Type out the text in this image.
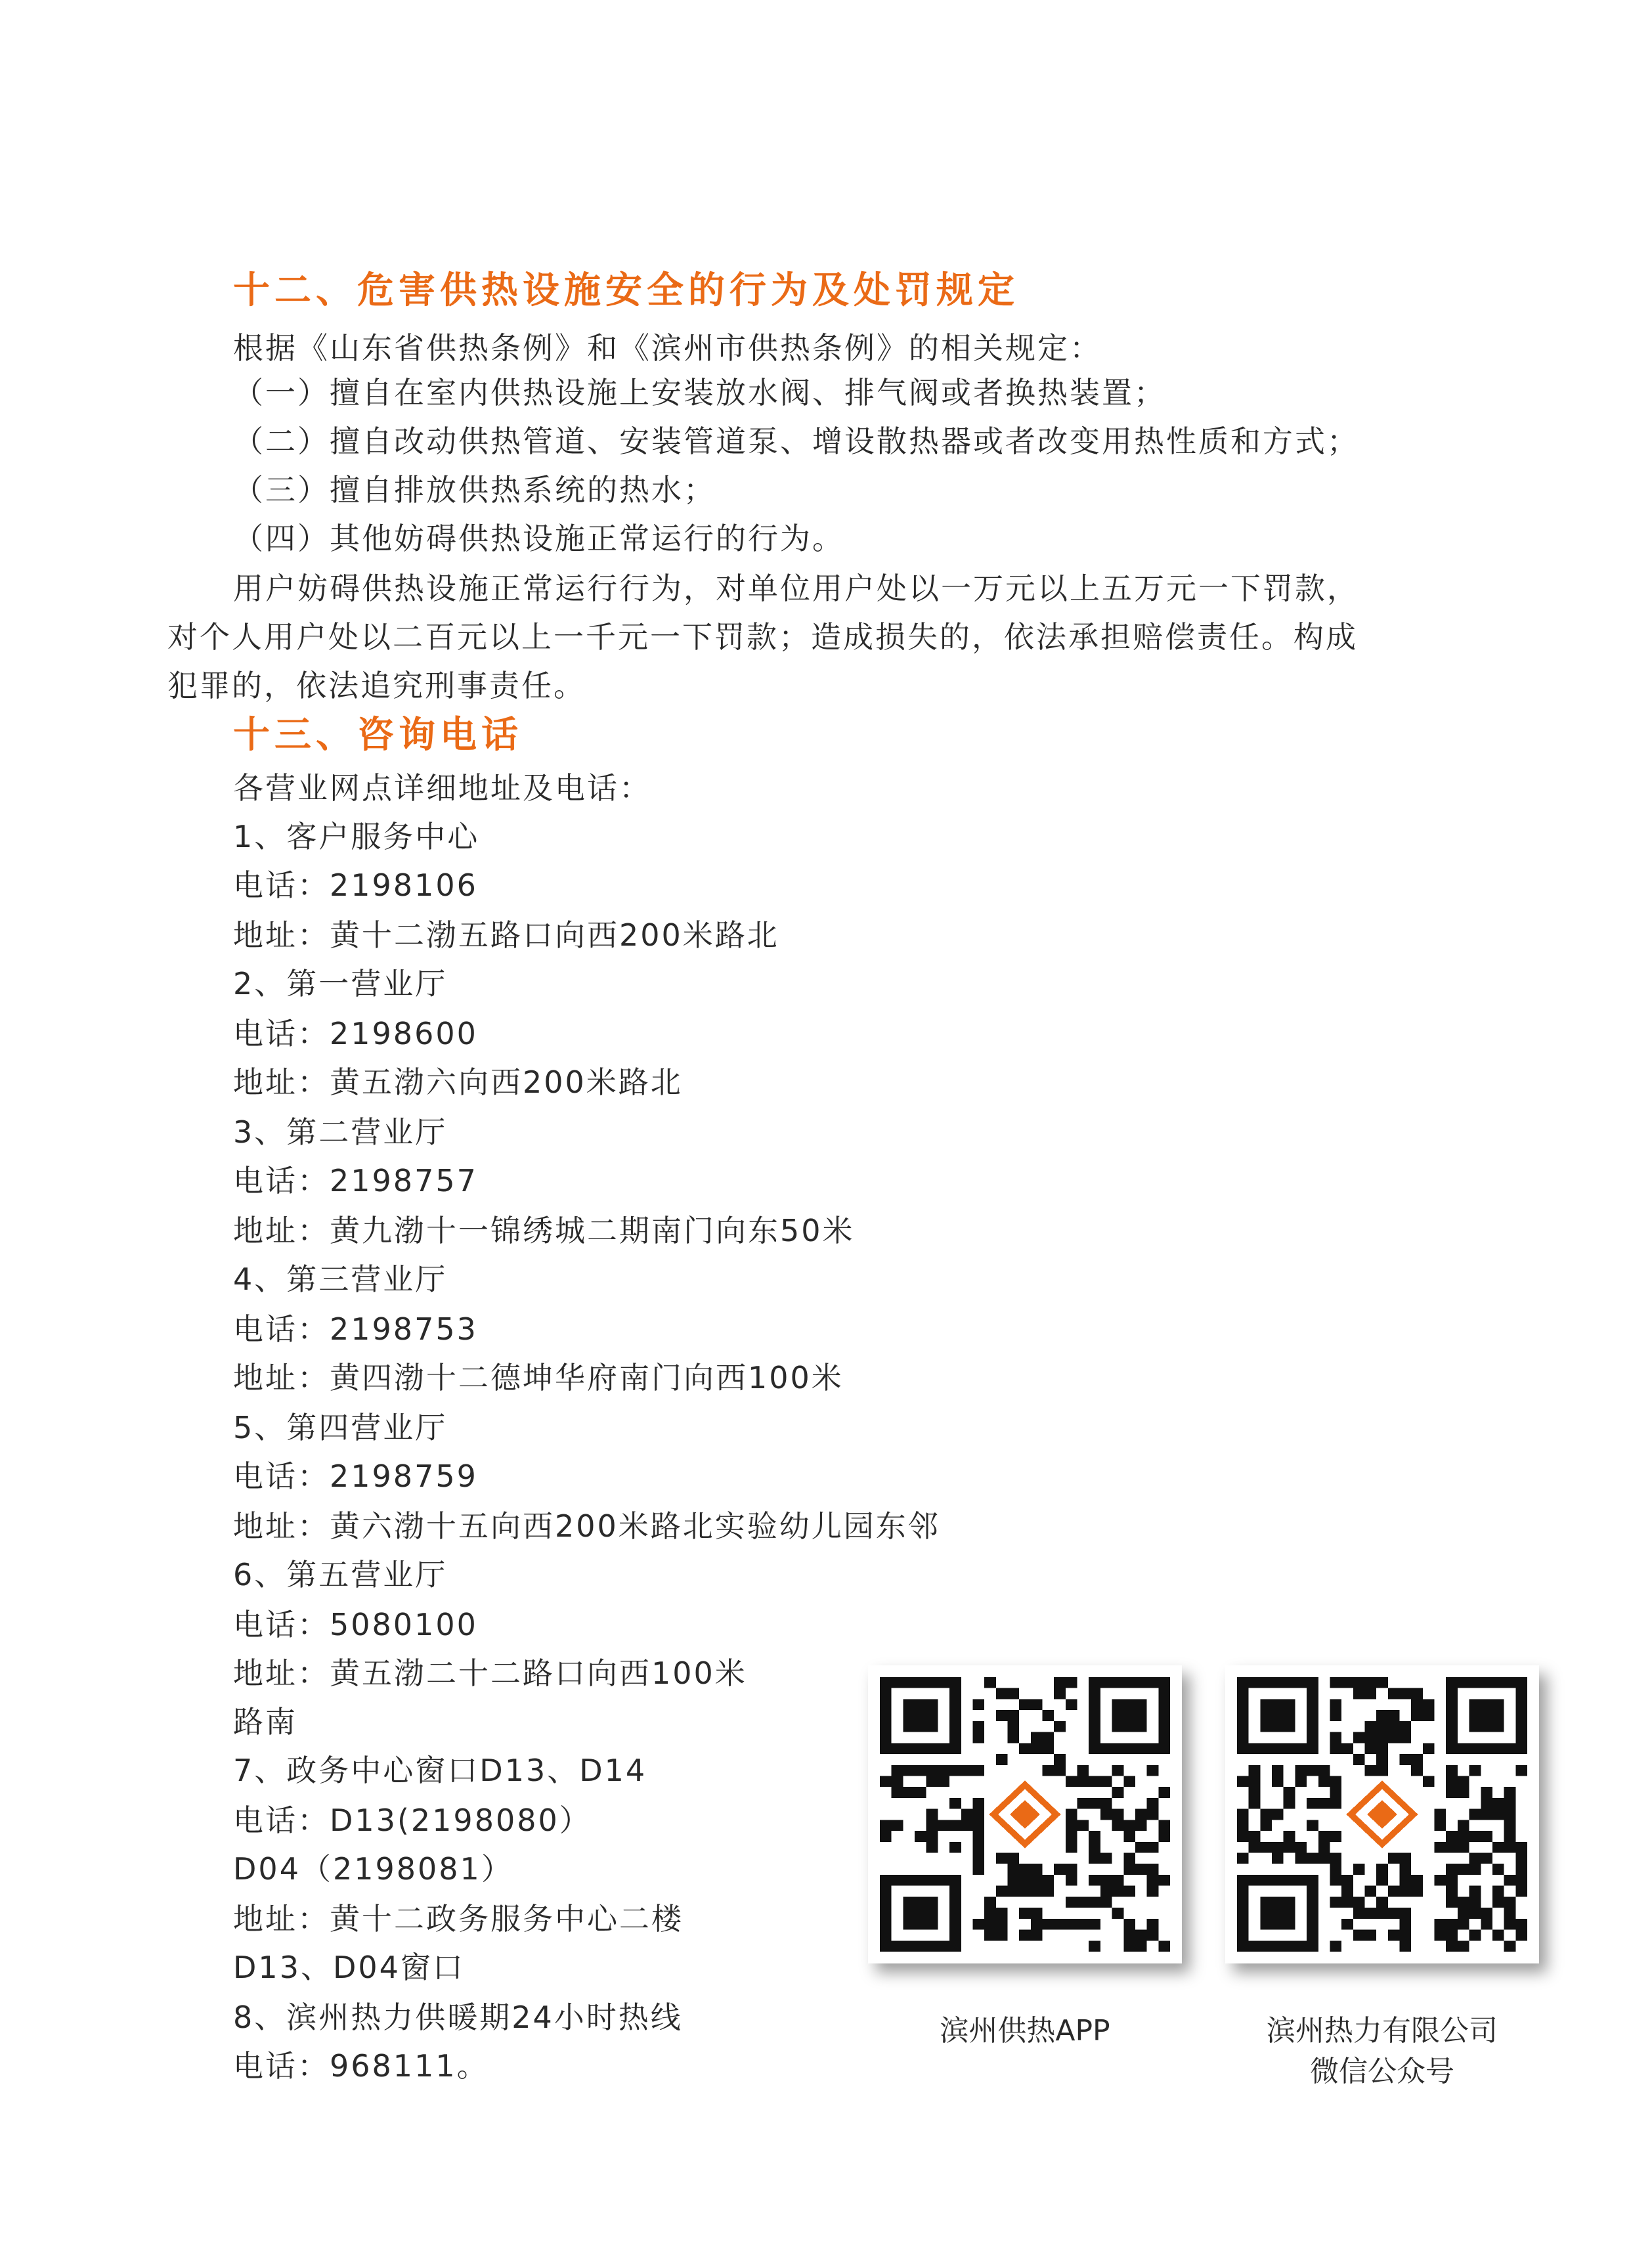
十二、危害供热设施安全的行为及处罚规定
根据《山东省供热条例》和《滨州市供热条例》的相关规定：
（一）擅自在室内供热设施上安装放水阀、排气阀或者换热装置；
（二）擅自改动供热管道、安装管道泵、增设散热器或者改变用热性质和方式；
（三）擅自排放供热系统的热水；
（四）其他妨碍供热设施正常运行的行为。
用户妨碍供热设施正常运行行为，对单位用户处以一万元以上五万元一下罚款，
对个人用户处以二百元以上一千元一下罚款；造成损失的，依法承担赔偿责任。构成
犯罪的，依法追究刑事责任。
十三、咨询电话
各营业网点详细地址及电话：
1、客户服务中心
电话：2198106
地址：黄十二渤五路口向西200米路北
2、第一营业厅
电话：2198600
地址：黄五渤六向西200米路北
3、第二营业厅
电话：2198757
地址：黄九渤十一锦绣城二期南门向东50米
4、第三营业厅
电话：2198753
地址：黄四渤十二德坤华府南门向西100米
5、第四营业厅
电话：2198759
地址：黄六渤十五向西200米路北实验幼儿园东邻
6、第五营业厅
电话：5080100
地址：黄五渤二十二路口向西100米
路南
7、政务中心窗口D13、D14
电话：D13(2198080）
D04（2198081）
地址：黄十二政务服务中心二楼
D13、D04窗口
8、滨州热力供暖期24小时热线
电话：968111。
滨州供热APP	滨州热力有限公司
微信公众号
